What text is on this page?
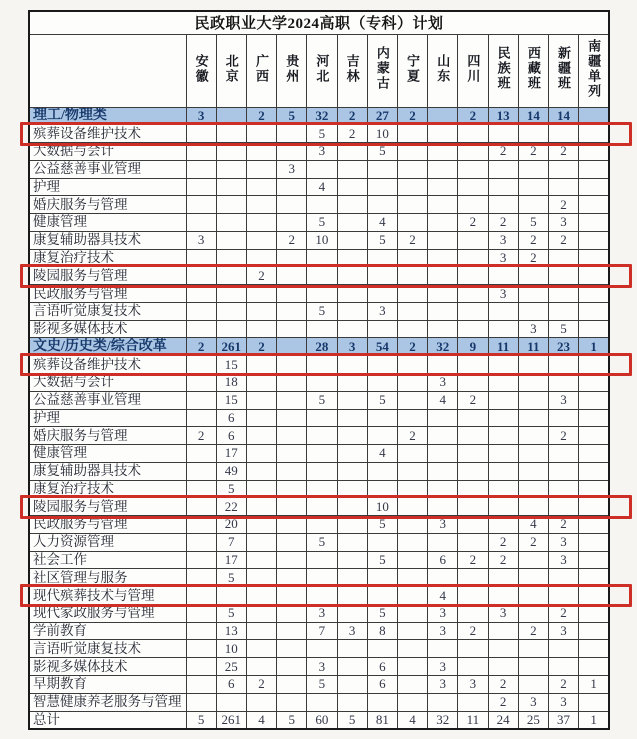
民政职业大学2024高职（专科）计划														
	安徽	北京	广西	贵州	河北	吉林	内蒙古	宁夏	山东	四川	民族班	西藏班	新疆班	南疆单列
理工/物理类	3		2	5	32	2	27	2		2	13	14	14	
殡葬设备维护技术					5	2	10							
大数据与会计					3		5				2	2	2	
公益慈善事业管理				3										
护理					4									
婚庆服务与管理													2	
健康管理					5		4			2	2	5	3	
康复辅助器具技术	3			2	10		5	2			3	2	2	
康复治疗技术											3	2		
陵园服务与管理			2											
民政服务与管理											3			
言语听觉康复技术					5		3							
影视多媒体技术												3	5	
文史/历史类/综合改革	2	261	2		28	3	54	2	32	9	11	11	23	1
殡葬设备维护技术		15												
大数据与会计		18							3					
公益慈善事业管理		15			5		5		4	2			3	
护理		6												
婚庆服务与管理	2	6						2					2	
健康管理		17					4							
康复辅助器具技术		49												
康复治疗技术		5												
陵园服务与管理		22					10							
民政服务与管理		20					5		3			4	2	
人力资源管理		7			5						2	2	3	
社会工作		17					5		6	2	2		3	
社区管理与服务		5												
现代殡葬技术与管理									4					
现代家政服务与管理		5			3		5		3		3		2	
学前教育		13			7	3	8		3	2		2	3	
言语听觉康复技术		10												
影视多媒体技术		25			3		6		3					
早期教育		6	2		5		6		3	3	2		2	1
智慧健康养老服务与管理											2	3	3	
总计	5	261	4	5	60	5	81	4	32	11	24	25	37	1
